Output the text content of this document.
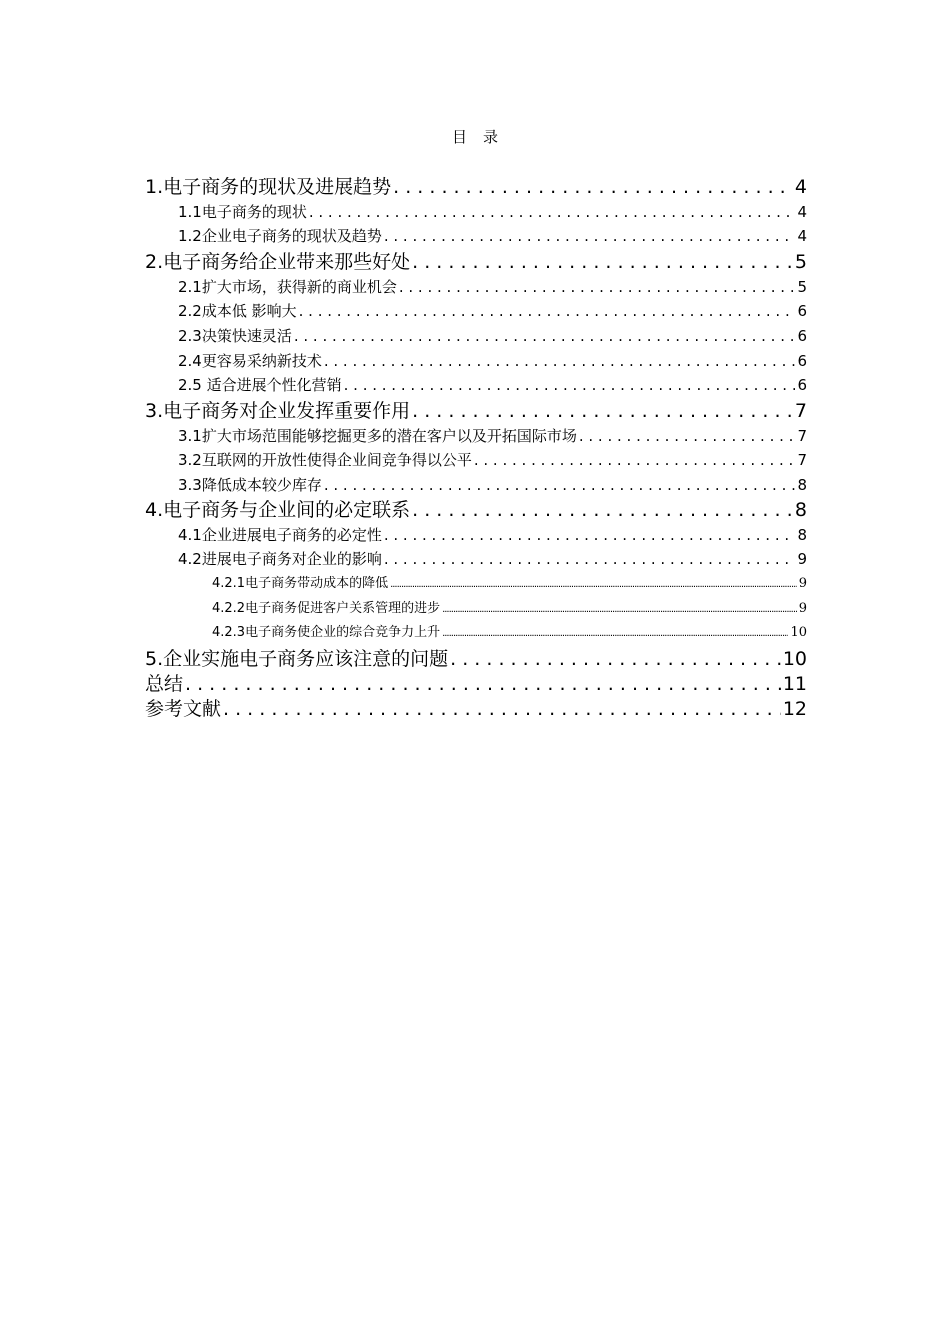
目录
1.电子商务的现状及进展趋势 . . .	4
1.1电子商务的现状 . . .	4
1.2企业电子商务的现状及趋势 . . .	4
2.电子商务给企业带来那些好处 . . .	5
2.1扩大市场，获得新的商业机会 . . .	5
2.2成本低 影响大 . . .	6
2.3决策快速灵活 . . .	6
2.4更容易采纳新技术 . . .	6
2.5 适合进展个性化营销 . . .	6
3.电子商务对企业发挥重要作用 . . .	7
3.1扩大市场范围能够挖掘更多的潜在客户以及开拓国际市场 . . .	7
3.2互联网的开放性使得企业间竞争得以公平 . . .	7
3.3降低成本较少库存 . . .	8
4.电子商务与企业间的必定联系 . . .	8
4.1企业进展电子商务的必定性 . . .	8
4.2进展电子商务对企业的影响 . . .	9
4.2.1电子商务带动成本的降低 .....	9
4.2.2电子商务促进客户关系管理的进步 .....	9
4.2.3电子商务使企业的综合竞争力上升 .....	10
5.企业实施电子商务应该注意的问题 . . .	10
总结 . . .	11
参考文献 . . .	12
